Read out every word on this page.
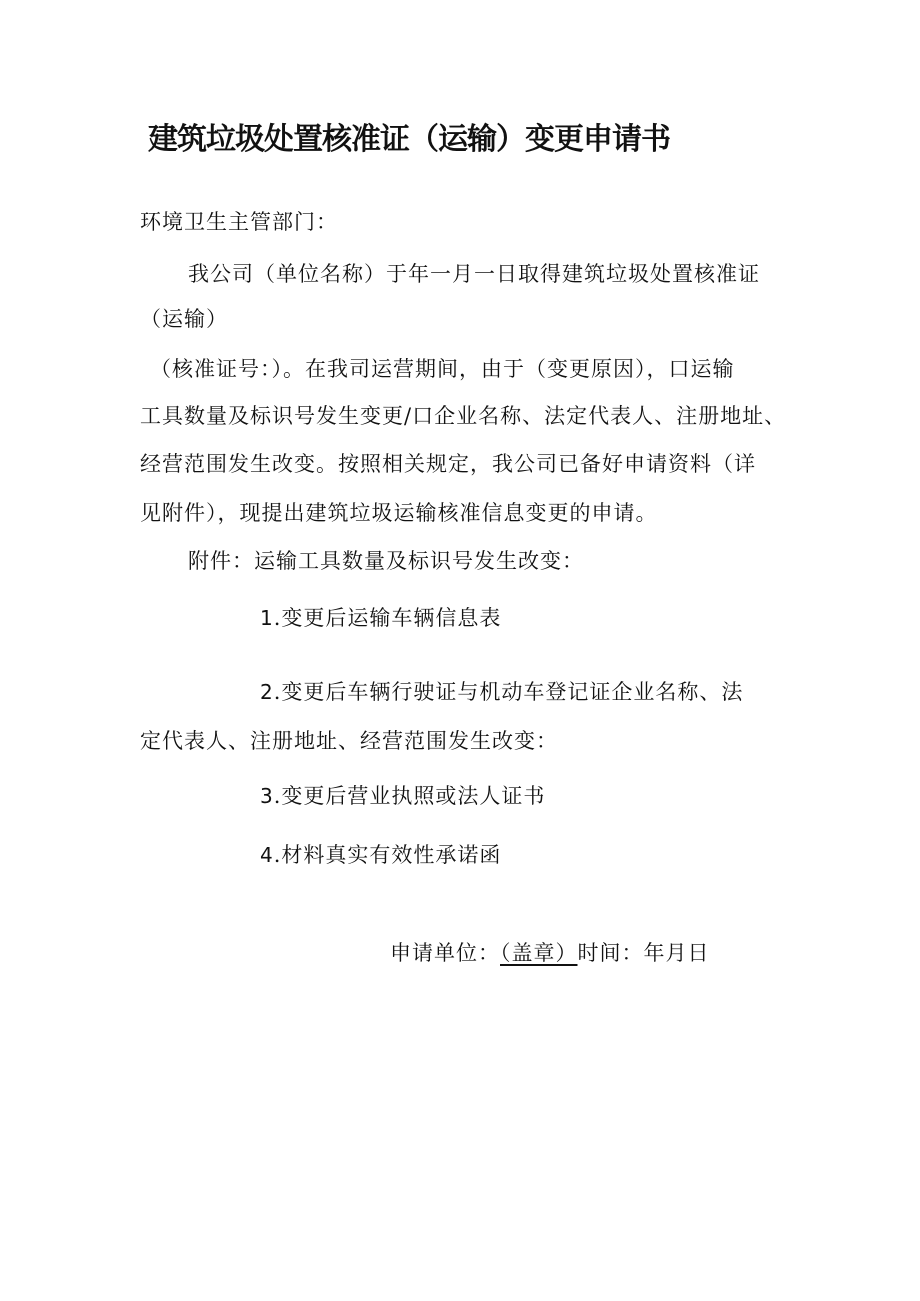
建筑垃圾处置核准证（运输）变更申请书
环境卫生主管部门：
我公司（单位名称）于年一月一日取得建筑垃圾处置核准证
（运输）
（核准证号：）。在我司运营期间，由于（变更原因），口运输
工具数量及标识号发生变更/口企业名称、法定代表人、注册地址、
经营范围发生改变。按照相关规定，我公司已备好申请资料（详
见附件），现提出建筑垃圾运输核准信息变更的申请。
附件：运输工具数量及标识号发生改变：
1.变更后运输车辆信息表
2.变更后车辆行驶证与机动车登记证企业名称、法
定代表人、注册地址、经营范围发生改变：
3.变更后营业执照或法人证书
4.材料真实有效性承诺函
申请单位：（盖章）时间：年月日
